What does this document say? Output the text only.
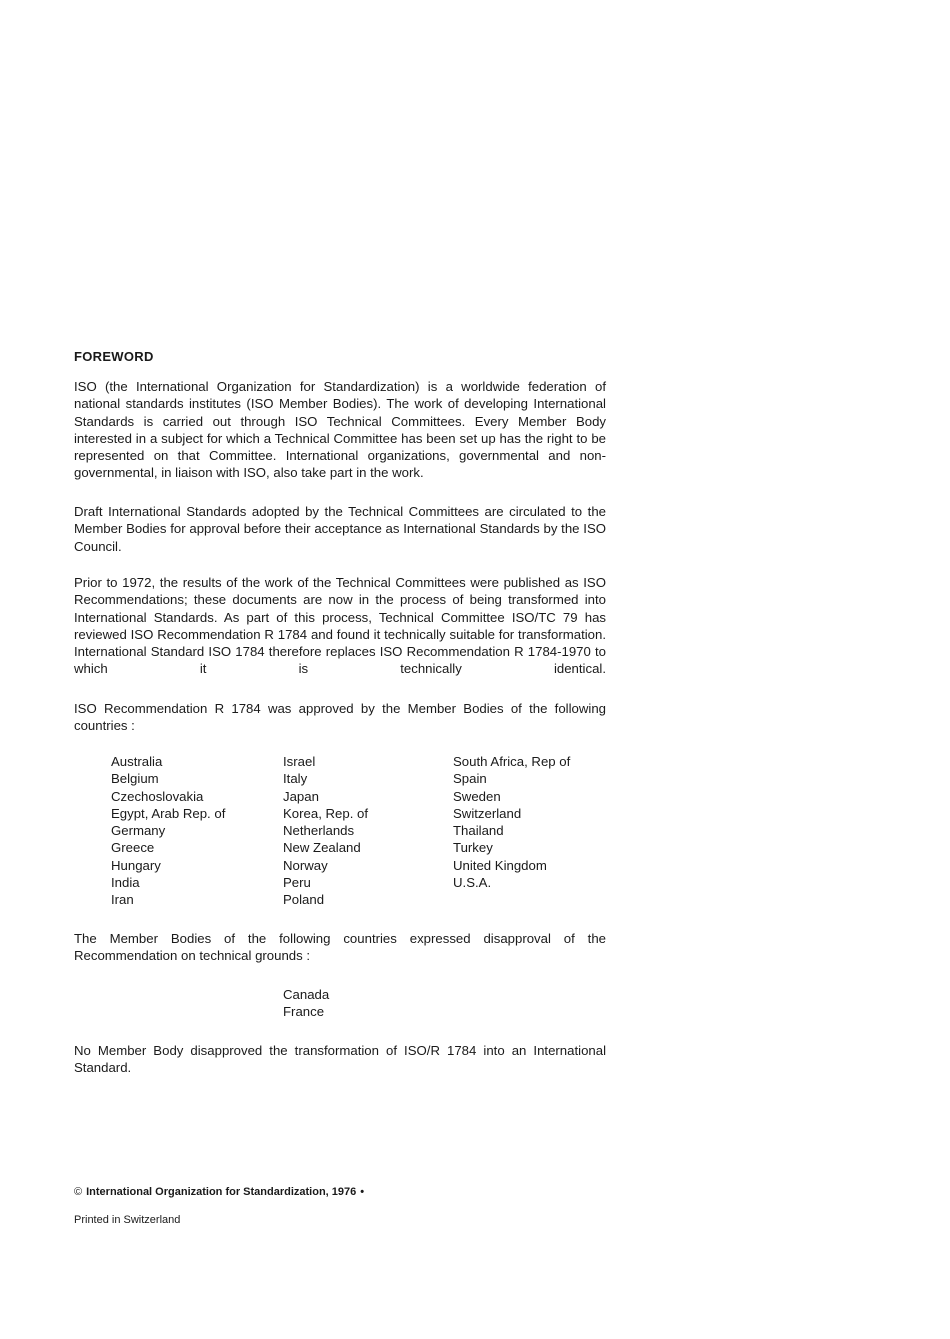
FOREWORD

ISO (the International Organization for Standardization) is a worldwide federation of national standards institutes (ISO Member Bodies). The work of developing International Standards is carried out through ISO Technical Committees. Every Member Body interested in a subject for which a Technical Committee has been set up has the right to be represented on that Committee. International organizations, governmental and non-governmental, in liaison with ISO, also take part in the work.

Draft International Standards adopted by the Technical Committees are circulated to the Member Bodies for approval before their acceptance as International Standards by the ISO Council.

Prior to 1972, the results of the work of the Technical Committees were published as ISO Recommendations; these documents are now in the process of being transformed into International Standards. As part of this process, Technical Committee ISO/TC 79 has reviewed ISO Recommendation R 1784 and found it technically suitable for transformation. International Standard ISO 1784 therefore replaces ISO Recommendation R 1784-1970 to which it is technically identical.

ISO Recommendation R 1784 was approved by the Member Bodies of the following countries :

Australia
Belgium
Czechoslovakia
Egypt, Arab Rep. of
Germany
Greece
Hungary
India
Iran
Israel
Italy
Japan
Korea, Rep. of
Netherlands
New Zealand
Norway
Peru
Poland
South Africa, Rep of
Spain
Sweden
Switzerland
Thailand
Turkey
United Kingdom
U.S.A.

The Member Bodies of the following countries expressed disapproval of the Recommendation on technical grounds :

Canada
France

No Member Body disapproved the transformation of ISO/R 1784 into an International Standard.

© International Organization for Standardization, 1976 •
Printed in Switzerland
